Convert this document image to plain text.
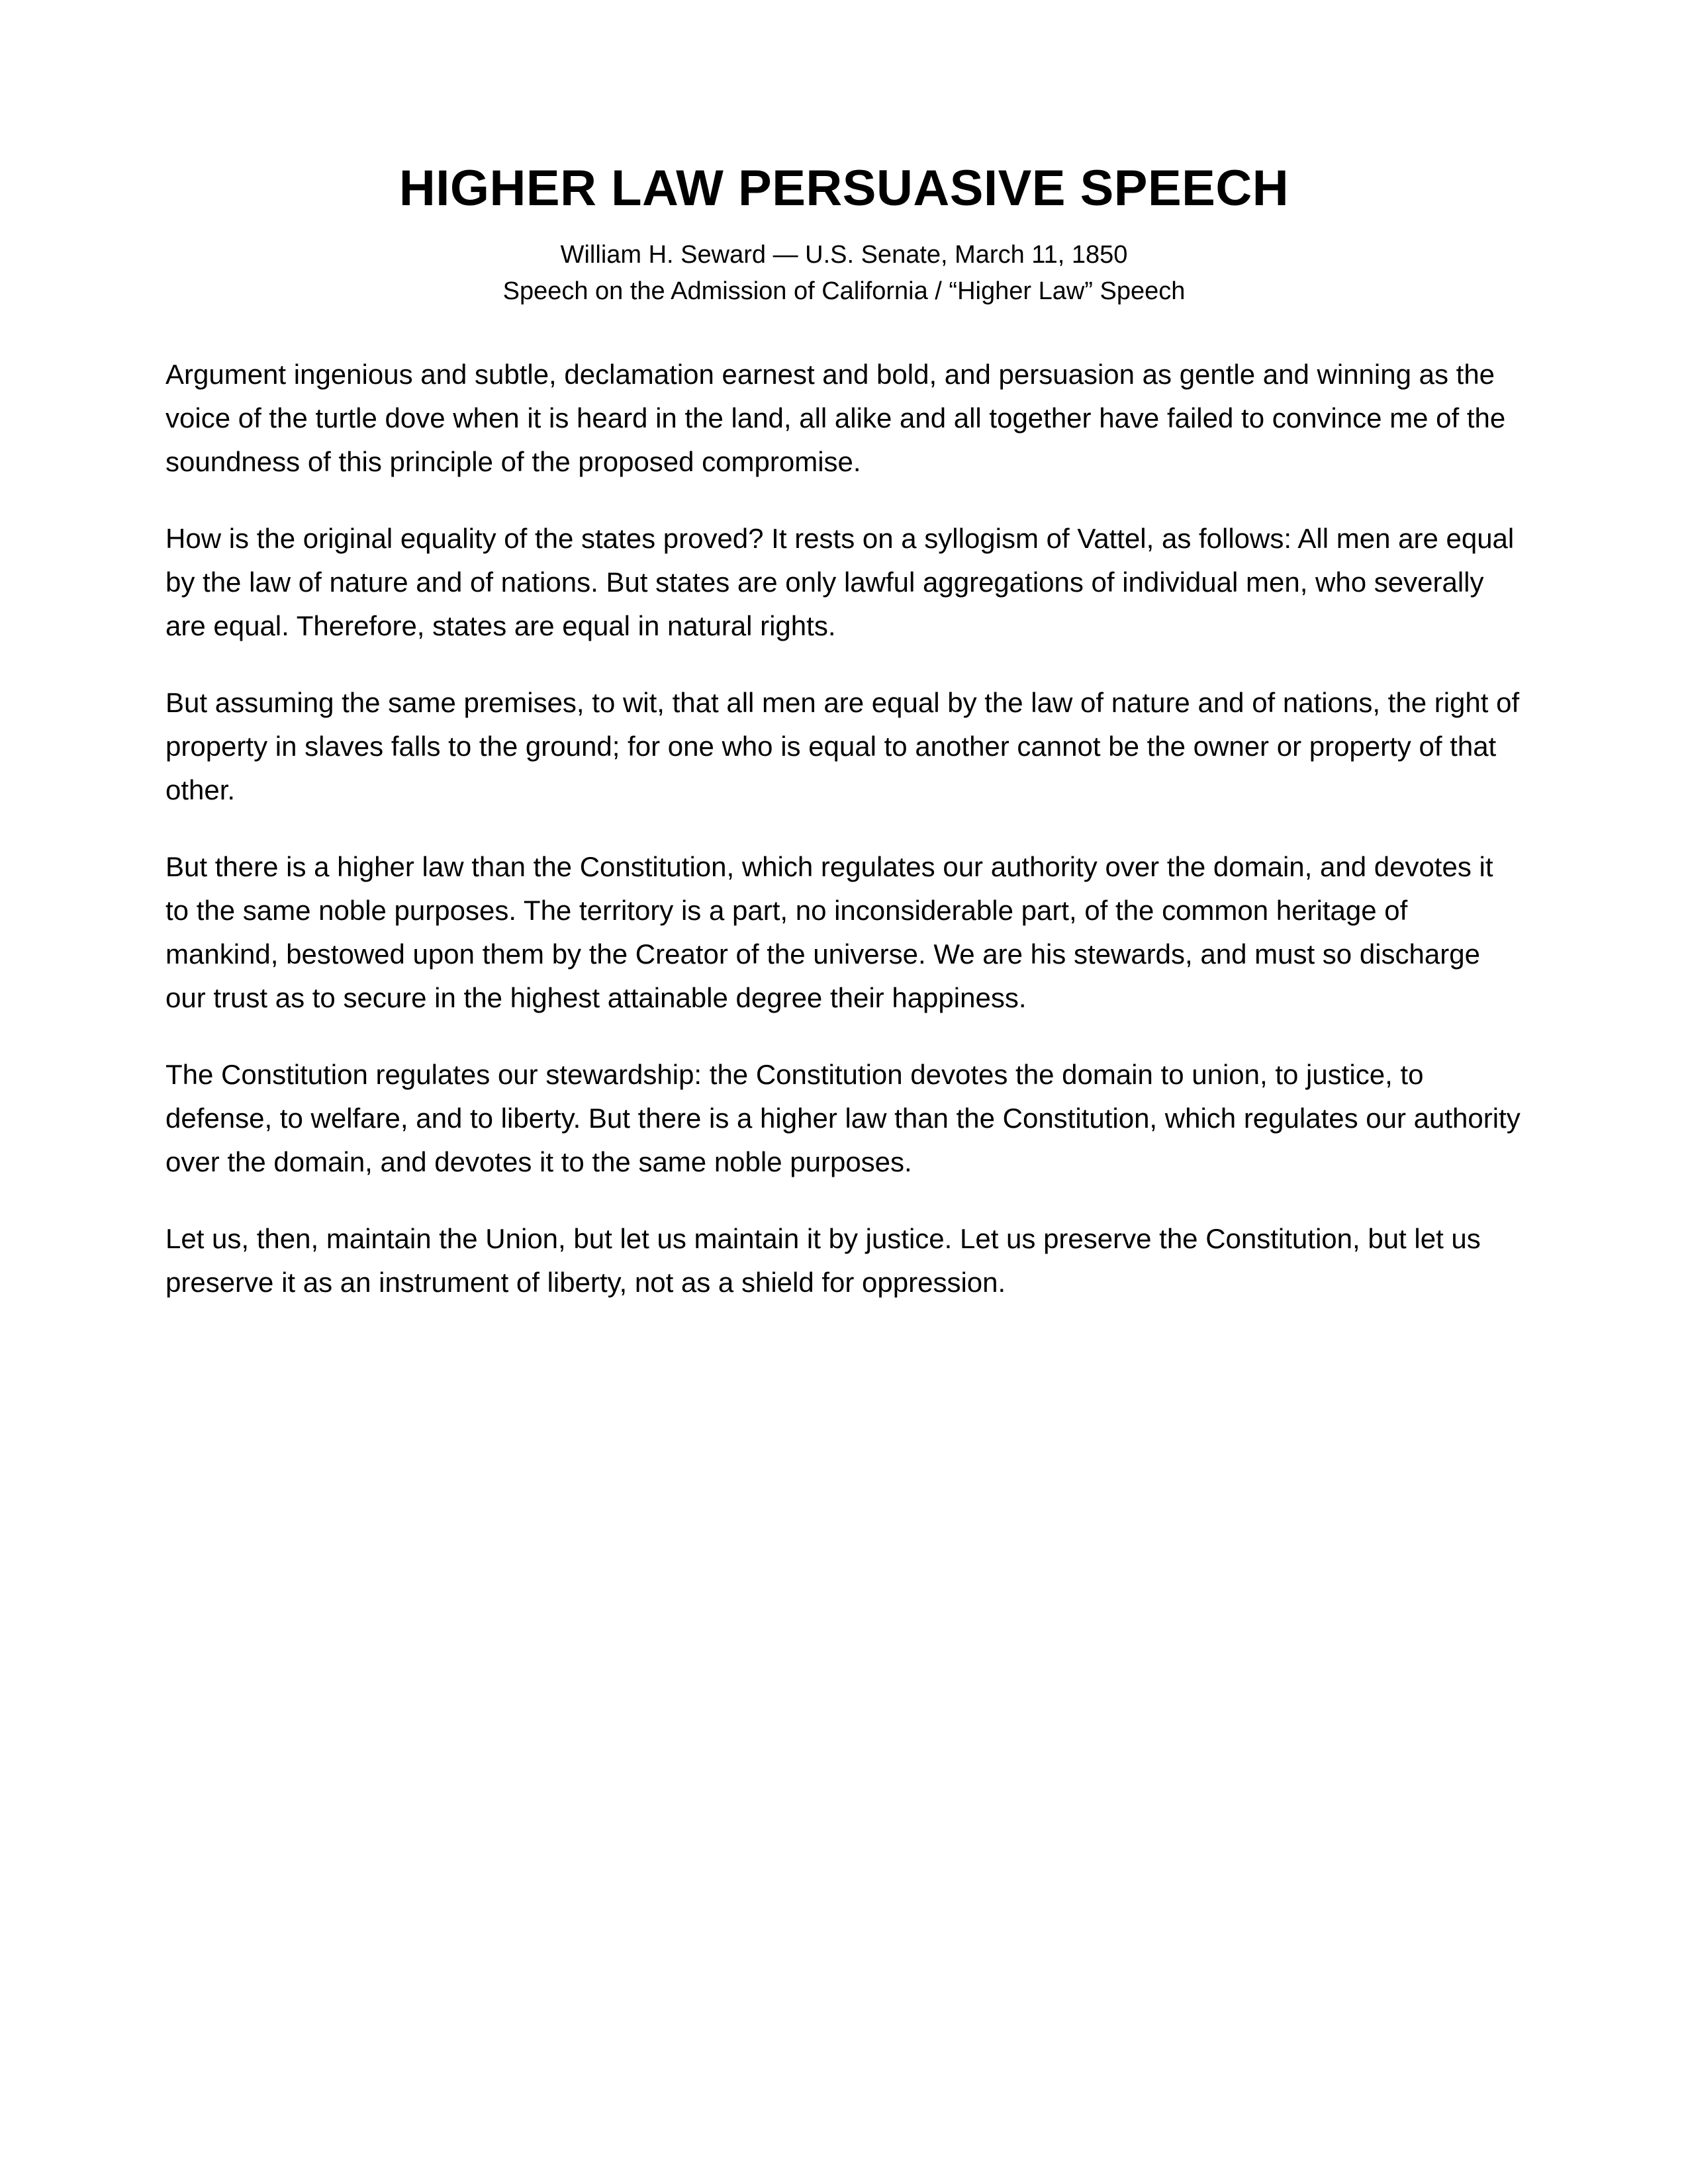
HIGHER LAW PERSUASIVE SPEECH
William H. Seward — U.S. Senate, March 11, 1850
Speech on the Admission of California / “Higher Law” Speech

Argument ingenious and subtle, declamation earnest and bold, and persuasion as gentle and winning as the voice of the turtle dove when it is heard in the land, all alike and all together have failed to convince me of the soundness of this principle of the proposed compromise.

How is the original equality of the states proved? It rests on a syllogism of Vattel, as follows: All men are equal by the law of nature and of nations. But states are only lawful aggregations of individual men, who severally are equal. Therefore, states are equal in natural rights.

But assuming the same premises, to wit, that all men are equal by the law of nature and of nations, the right of property in slaves falls to the ground; for one who is equal to another cannot be the owner or property of that other.

But there is a higher law than the Constitution, which regulates our authority over the domain, and devotes it to the same noble purposes. The territory is a part, no inconsiderable part, of the common heritage of mankind, bestowed upon them by the Creator of the universe. We are his stewards, and must so discharge our trust as to secure in the highest attainable degree their happiness.

The Constitution regulates our stewardship: the Constitution devotes the domain to union, to justice, to defense, to welfare, and to liberty. But there is a higher law than the Constitution, which regulates our authority over the domain, and devotes it to the same noble purposes.

Let us, then, maintain the Union, but let us maintain it by justice. Let us preserve the Constitution, but let us preserve it as an instrument of liberty, not as a shield for oppression.
